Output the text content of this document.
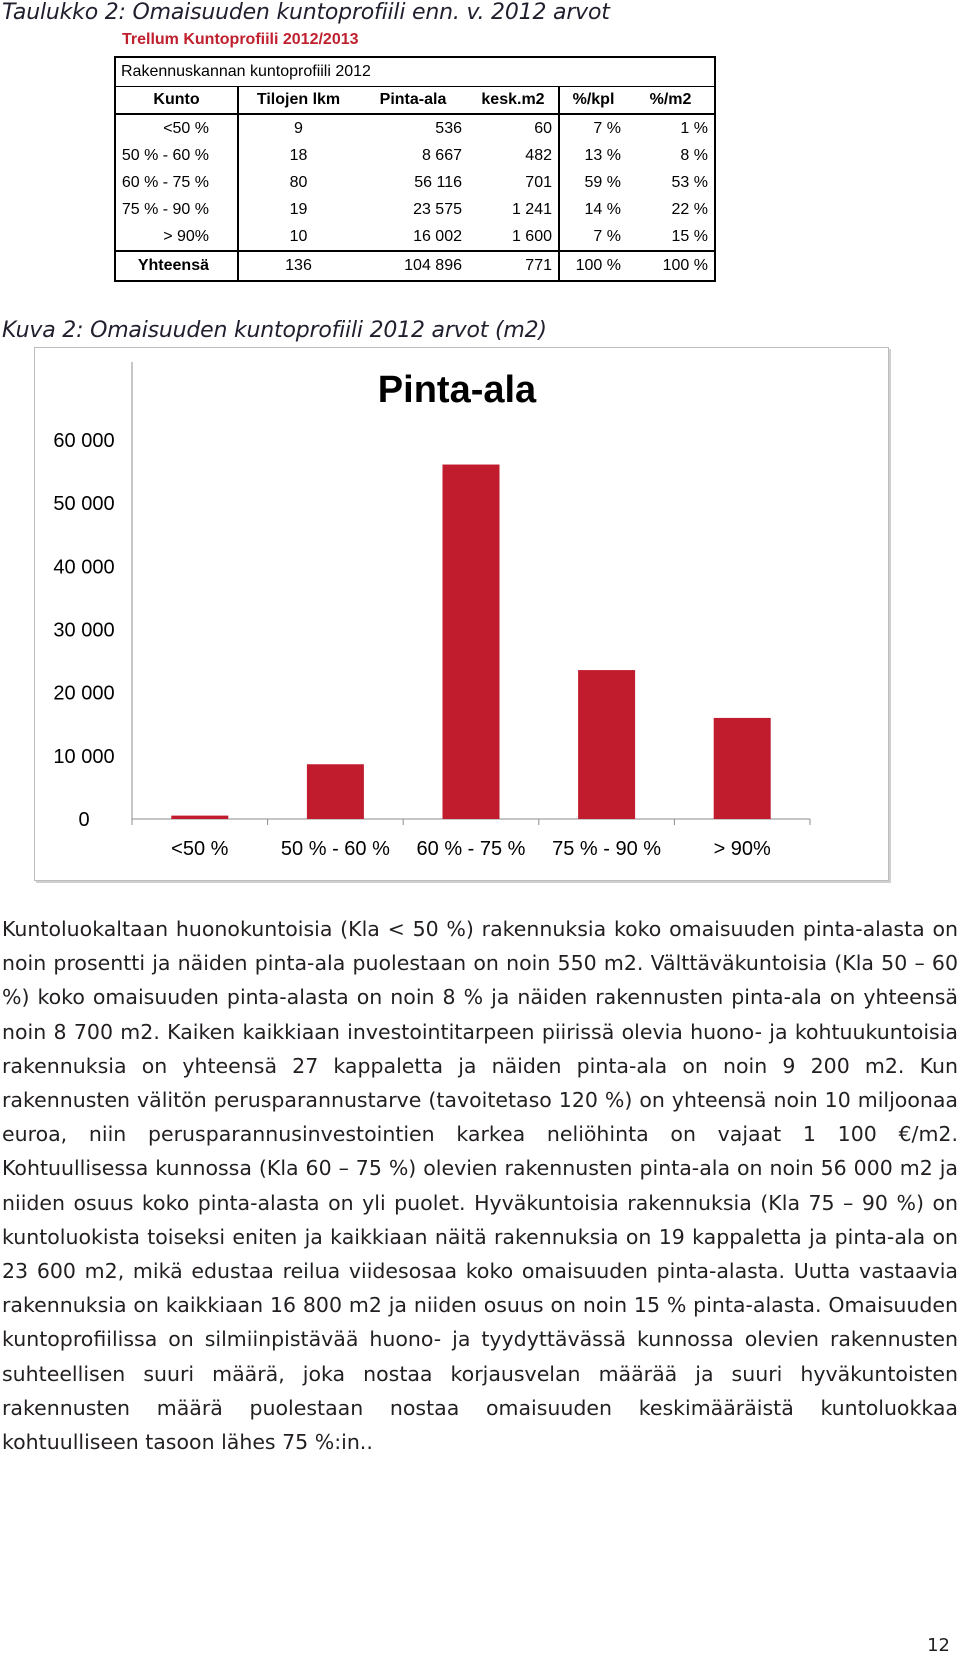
Taulukko 2: Omaisuuden kuntoprofiili enn. v. 2012 arvot
Trellum Kuntoprofiili 2012/2013
Rakennuskannan kuntoprofiili 2012
Kunto	Tilojen lkm	Pinta-ala	kesk.m2	%/kpl	%/m2
<50 %	9	536	60	7 %	1 %
50 % - 60 %	18	8 667	482	13 %	8 %
60 % - 75 %	80	56 116	701	59 %	53 %
75 % - 90 %	19	23 575	1 241	14 %	22 %
> 90%	10	16 002	1 600	7 %	15 %
Yhteensä	136	104 896	771	100 %	100 %
Kuva 2: Omaisuuden kuntoprofiili 2012 arvot (m2)
Pinta-ala
0
10 000
20 000
30 000
40 000
50 000
60 000
<50 %	50 % - 60 % 60 % - 75 % 75 % - 90 %	> 90%
Kuntoluokaltaan huonokuntoisia (Kla < 50 %) rakennuksia koko omaisuuden pinta-alasta on noin prosentti ja näiden pinta-ala puolestaan on noin 550 m2. Välttäväkuntoisia (Kla 50 – 60 %) koko omaisuuden pinta-alasta on noin 8 % ja näiden rakennusten pinta-ala on yhteensä noin 8 700 m2. Kaiken kaikkiaan investointitarpeen piirissä olevia huono- ja kohtuukuntoisia rakennuksia on yhteensä 27 kappaletta ja näiden pinta-ala on noin 9 200 m2. Kun rakennusten välitön perusparannustarve (tavoitetaso 120 %) on yhteensä noin 10 miljoonaa euroa, niin perusparannusinvestointien karkea neliöhinta on vajaat 1 100 €/m2. Kohtuullisessa kunnossa (Kla 60 – 75 %) olevien rakennusten pinta-ala on noin 56 000 m2 ja niiden osuus koko pinta-alasta on yli puolet. Hyväkuntoisia rakennuksia (Kla 75 – 90 %) on kuntoluokista toiseksi eniten ja kaikkiaan näitä rakennuksia on 19 kappaletta ja pinta-ala on 23 600 m2, mikä edustaa reilua viidesosaa koko omaisuuden pinta-alasta. Uutta vastaavia rakennuksia on kaikkiaan 16 800 m2 ja niiden osuus on noin 15 % pinta-alasta. Omaisuuden kuntoprofiilissa on silmiinpistävää huono- ja tyydyttävässä kunnossa olevien rakennusten suhteellisen suuri määrä, joka nostaa korjausvelan määrää ja suuri hyväkuntoisten rakennusten määrä puolestaan nostaa omaisuuden keskimääräistä kuntoluokkaa kohtuulliseen tasoon lähes 75 %:in..
12
